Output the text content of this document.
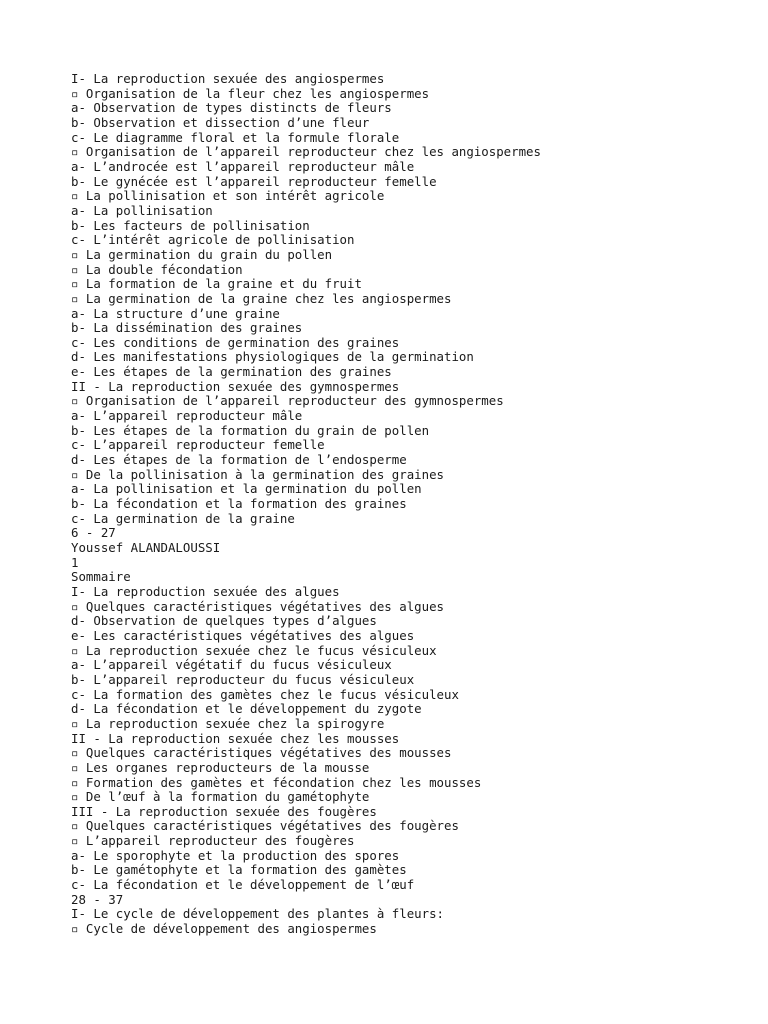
I- La reproduction sexuée des angiospermes
▫ Organisation de la fleur chez les angiospermes
a- Observation de types distincts de fleurs
b- Observation et dissection d’une fleur
c- Le diagramme floral et la formule florale
▫ Organisation de l’appareil reproducteur chez les angiospermes
a- L’androcée est l’appareil reproducteur mâle
b- Le gynécée est l’appareil reproducteur femelle
▫ La pollinisation et son intérêt agricole
a- La pollinisation
b- Les facteurs de pollinisation
c- L’intérêt agricole de pollinisation
▫ La germination du grain du pollen
▫ La double fécondation
▫ La formation de la graine et du fruit
▫ La germination de la graine chez les angiospermes
a- La structure d’une graine
b- La dissémination des graines
c- Les conditions de germination des graines
d- Les manifestations physiologiques de la germination
e- Les étapes de la germination des graines
II - La reproduction sexuée des gymnospermes
▫ Organisation de l’appareil reproducteur des gymnospermes
a- L’appareil reproducteur mâle
b- Les étapes de la formation du grain de pollen
c- L’appareil reproducteur femelle
d- Les étapes de la formation de l’endosperme
▫ De la pollinisation à la germination des graines
a- La pollinisation et la germination du pollen
b- La fécondation et la formation des graines
c- La germination de la graine
6 - 27
Youssef ALANDALOUSSI
1
Sommaire
I- La reproduction sexuée des algues
▫ Quelques caractéristiques végétatives des algues
d- Observation de quelques types d’algues
e- Les caractéristiques végétatives des algues
▫ La reproduction sexuée chez le fucus vésiculeux
a- L’appareil végétatif du fucus vésiculeux
b- L’appareil reproducteur du fucus vésiculeux
c- La formation des gamètes chez le fucus vésiculeux
d- La fécondation et le développement du zygote
▫ La reproduction sexuée chez la spirogyre
II - La reproduction sexuée chez les mousses
▫ Quelques caractéristiques végétatives des mousses
▫ Les organes reproducteurs de la mousse
▫ Formation des gamètes et fécondation chez les mousses
▫ De l’œuf à la formation du gamétophyte
III - La reproduction sexuée des fougères
▫ Quelques caractéristiques végétatives des fougères
▫ L’appareil reproducteur des fougères
a- Le sporophyte et la production des spores
b- Le gamétophyte et la formation des gamètes
c- La fécondation et le développement de l’œuf
28 - 37
I- Le cycle de développement des plantes à fleurs:
▫ Cycle de développement des angiospermes
